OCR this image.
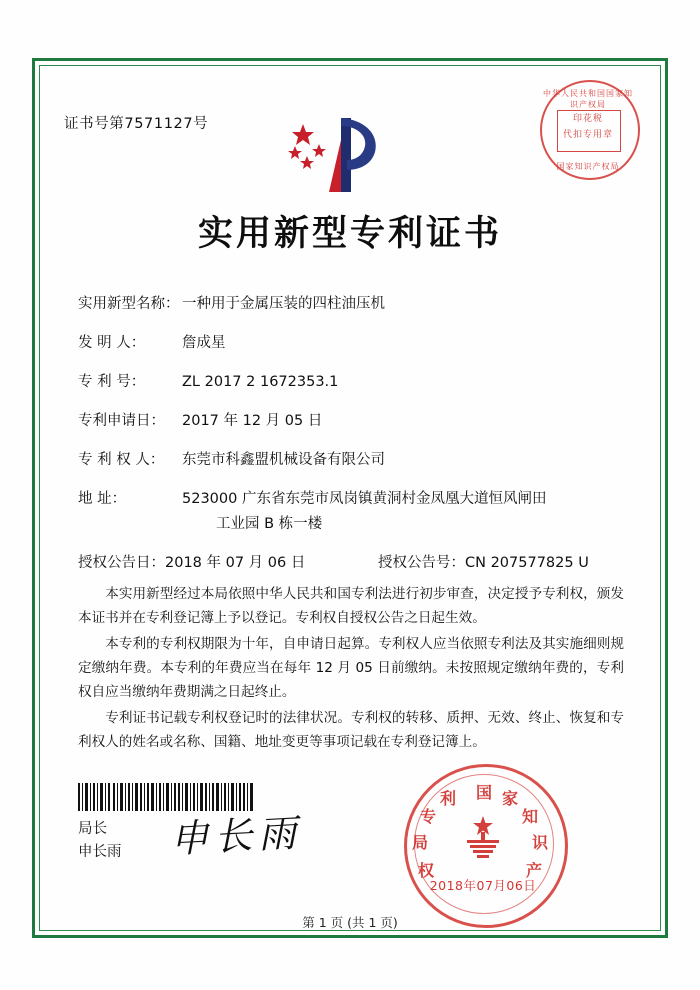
证书号第7571127号
中华人民共和国国家知识产权局
印花税
代扣专用章
国家知识产权局
实用新型专利证书
实用新型名称： 一种用于金属压装的四柱油压机
发 明 人：	詹成星
专 利 号：	ZL 2017 2 1672353.1
专利申请日：	2017 年 12 月 05 日
专 利 权 人：	东莞市科鑫盟机械设备有限公司
地 址：	523000 广东省东莞市凤岗镇黄洞村金凤凰大道恒风闸田
工业园 B 栋一楼
授权公告日：2018 年 07 月 06 日	授权公告号：CN 207577825 U

本实用新型经过本局依照中华人民共和国专利法进行初步审查，决定授予专利权，颁发本证书并在专利登记簿上予以登记。专利权自授权公告之日起生效。

本专利的专利权期限为十年，自申请日起算。专利权人应当依照专利法及其实施细则规定缴纳年费。本专利的年费应当在每年 12 月 05 日前缴纳。未按照规定缴纳年费的，专利权自应当缴纳年费期满之日起终止。

专利证书记载专利权登记时的法律状况。专利权的转移、质押、无效、终止、恢复和专利权人的姓名或名称、国籍、地址变更等事项记载在专利登记簿上。

局长
申长雨 申长雨
国 家
知
识
产
权
局
专
利
2018年07月06日
第 1 页 (共 1 页)
